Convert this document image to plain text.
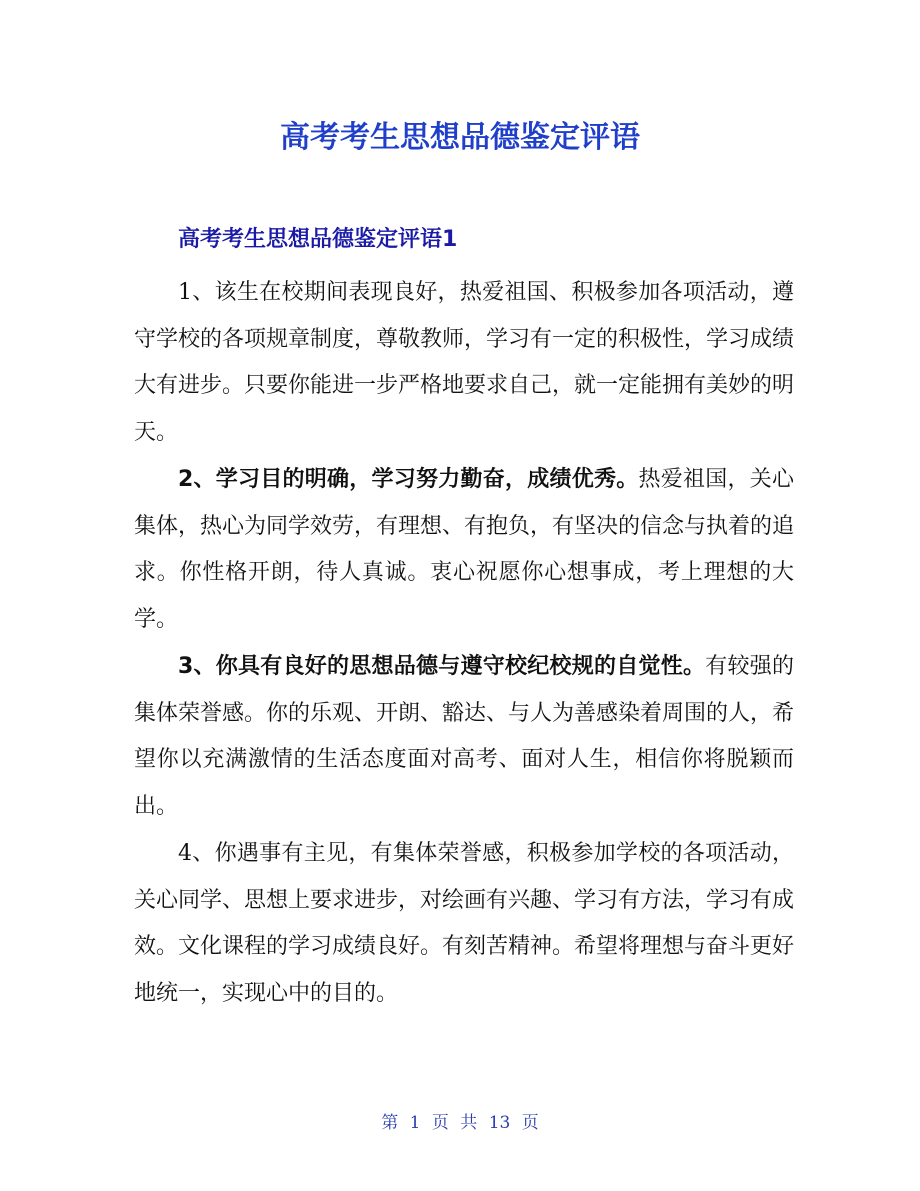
高考考生思想品德鉴定评语
高考考生思想品德鉴定评语1

1、该生在校期间表现良好，热爱祖国、积极参加各项活动，遵守学校的各项规章制度，尊敬教师，学习有一定的积极性，学习成绩大有进步。只要你能进一步严格地要求自己，就一定能拥有美妙的明天。

2、学习目的明确，学习努力勤奋，成绩优秀。热爱祖国，关心集体，热心为同学效劳，有理想、有抱负，有坚决的信念与执着的追求。你性格开朗，待人真诚。衷心祝愿你心想事成，考上理想的大学。

3、你具有良好的思想品德与遵守校纪校规的自觉性。有较强的集体荣誉感。你的乐观、开朗、豁达、与人为善感染着周围的人，希望你以充满激情的生活态度面对高考、面对人生，相信你将脱颖而出。

4、你遇事有主见，有集体荣誉感，积极参加学校的各项活动，关心同学、思想上要求进步，对绘画有兴趣、学习有方法，学习有成效。文化课程的学习成绩良好。有刻苦精神。希望将理想与奋斗更好地统一，实现心中的目的。

第 1 页 共 13 页
